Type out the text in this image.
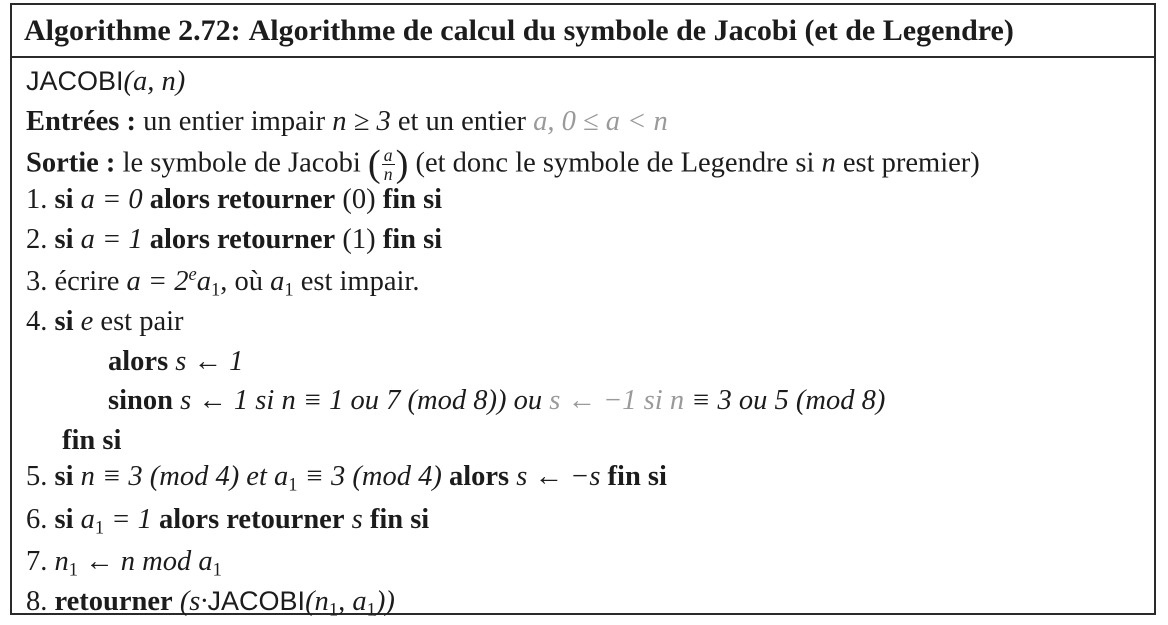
Algorithme 2.72: Algorithme de calcul du symbole de Jacobi (et de Legendre)
JACOBI(a, n)
Entrées : un entier impair n ≥ 3 et un entier a, 0 ≤ a < n
Sortie : le symbole de Jacobi ( $\frac{a}{n}$ ) (et donc le symbole de Legendre si n est premier)
1. si a = 0 alors retourner (0) fin si
2. si a = 1 alors retourner (1) fin si
3. écrire $a = 2^ea_1$, où $a_1$ est impair.
4. si e est pair
alors s ← 1
sinon s ← 1 si n ≡ 1 ou 7 (mod 8)) ou s ← −1 si n ≡ 3 ou 5 (mod 8)
fin si
5. si n ≡ 3 (mod 4) et $a_1 \equiv 3$ (mod 4) alors s ← −s fin si
6. si $a_1 = 1$ alors retourner s fin si
7. $n_1$ ← n mod $a_1$
8. retourner ($s\cdot JACOBI(n_1$, $a_1$))
